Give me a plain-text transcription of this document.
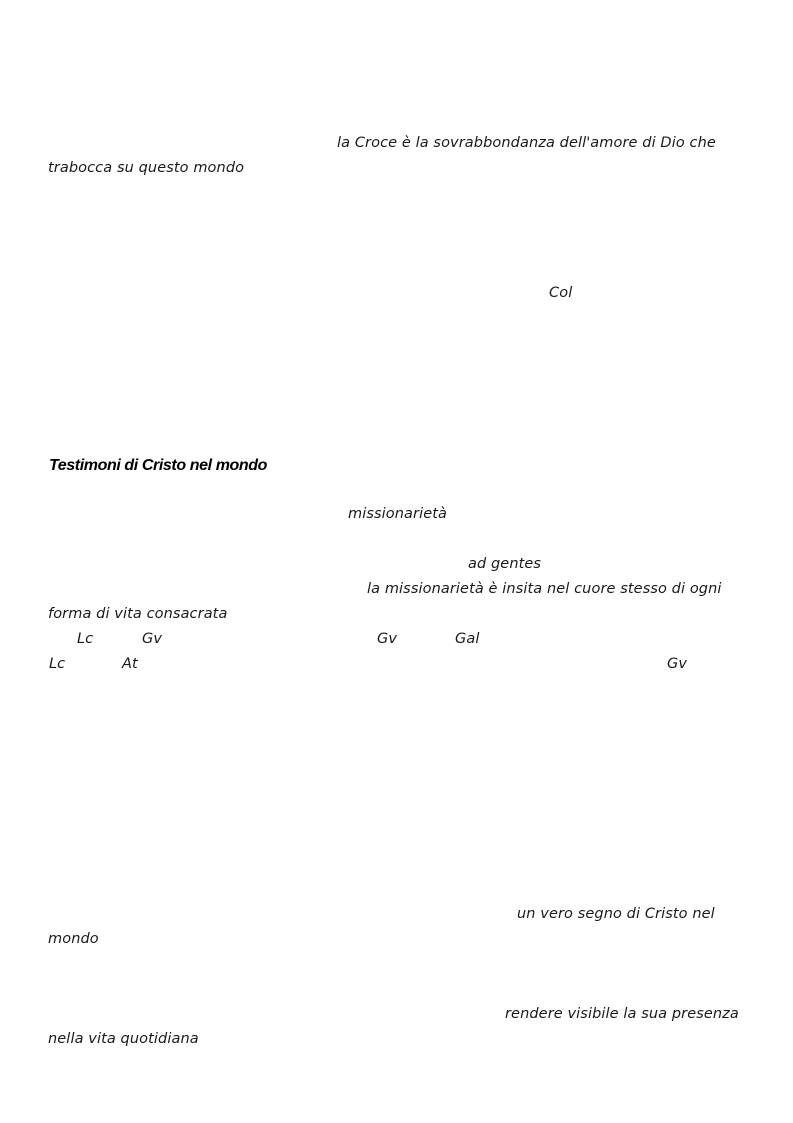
la Croce è la sovrabbondanza dell'amore di Dio che
trabocca su questo mondo
Col
Testimoni di Cristo nel mondo
missionarietà
ad gentes
la missionarietà è insita nel cuore stesso di ogni
forma di vita consacrata
Lc	Gv	Gv	Gal
Lc	At	Gv
un vero segno di Cristo nel
mondo
rendere visibile la sua presenza
nella vita quotidiana
